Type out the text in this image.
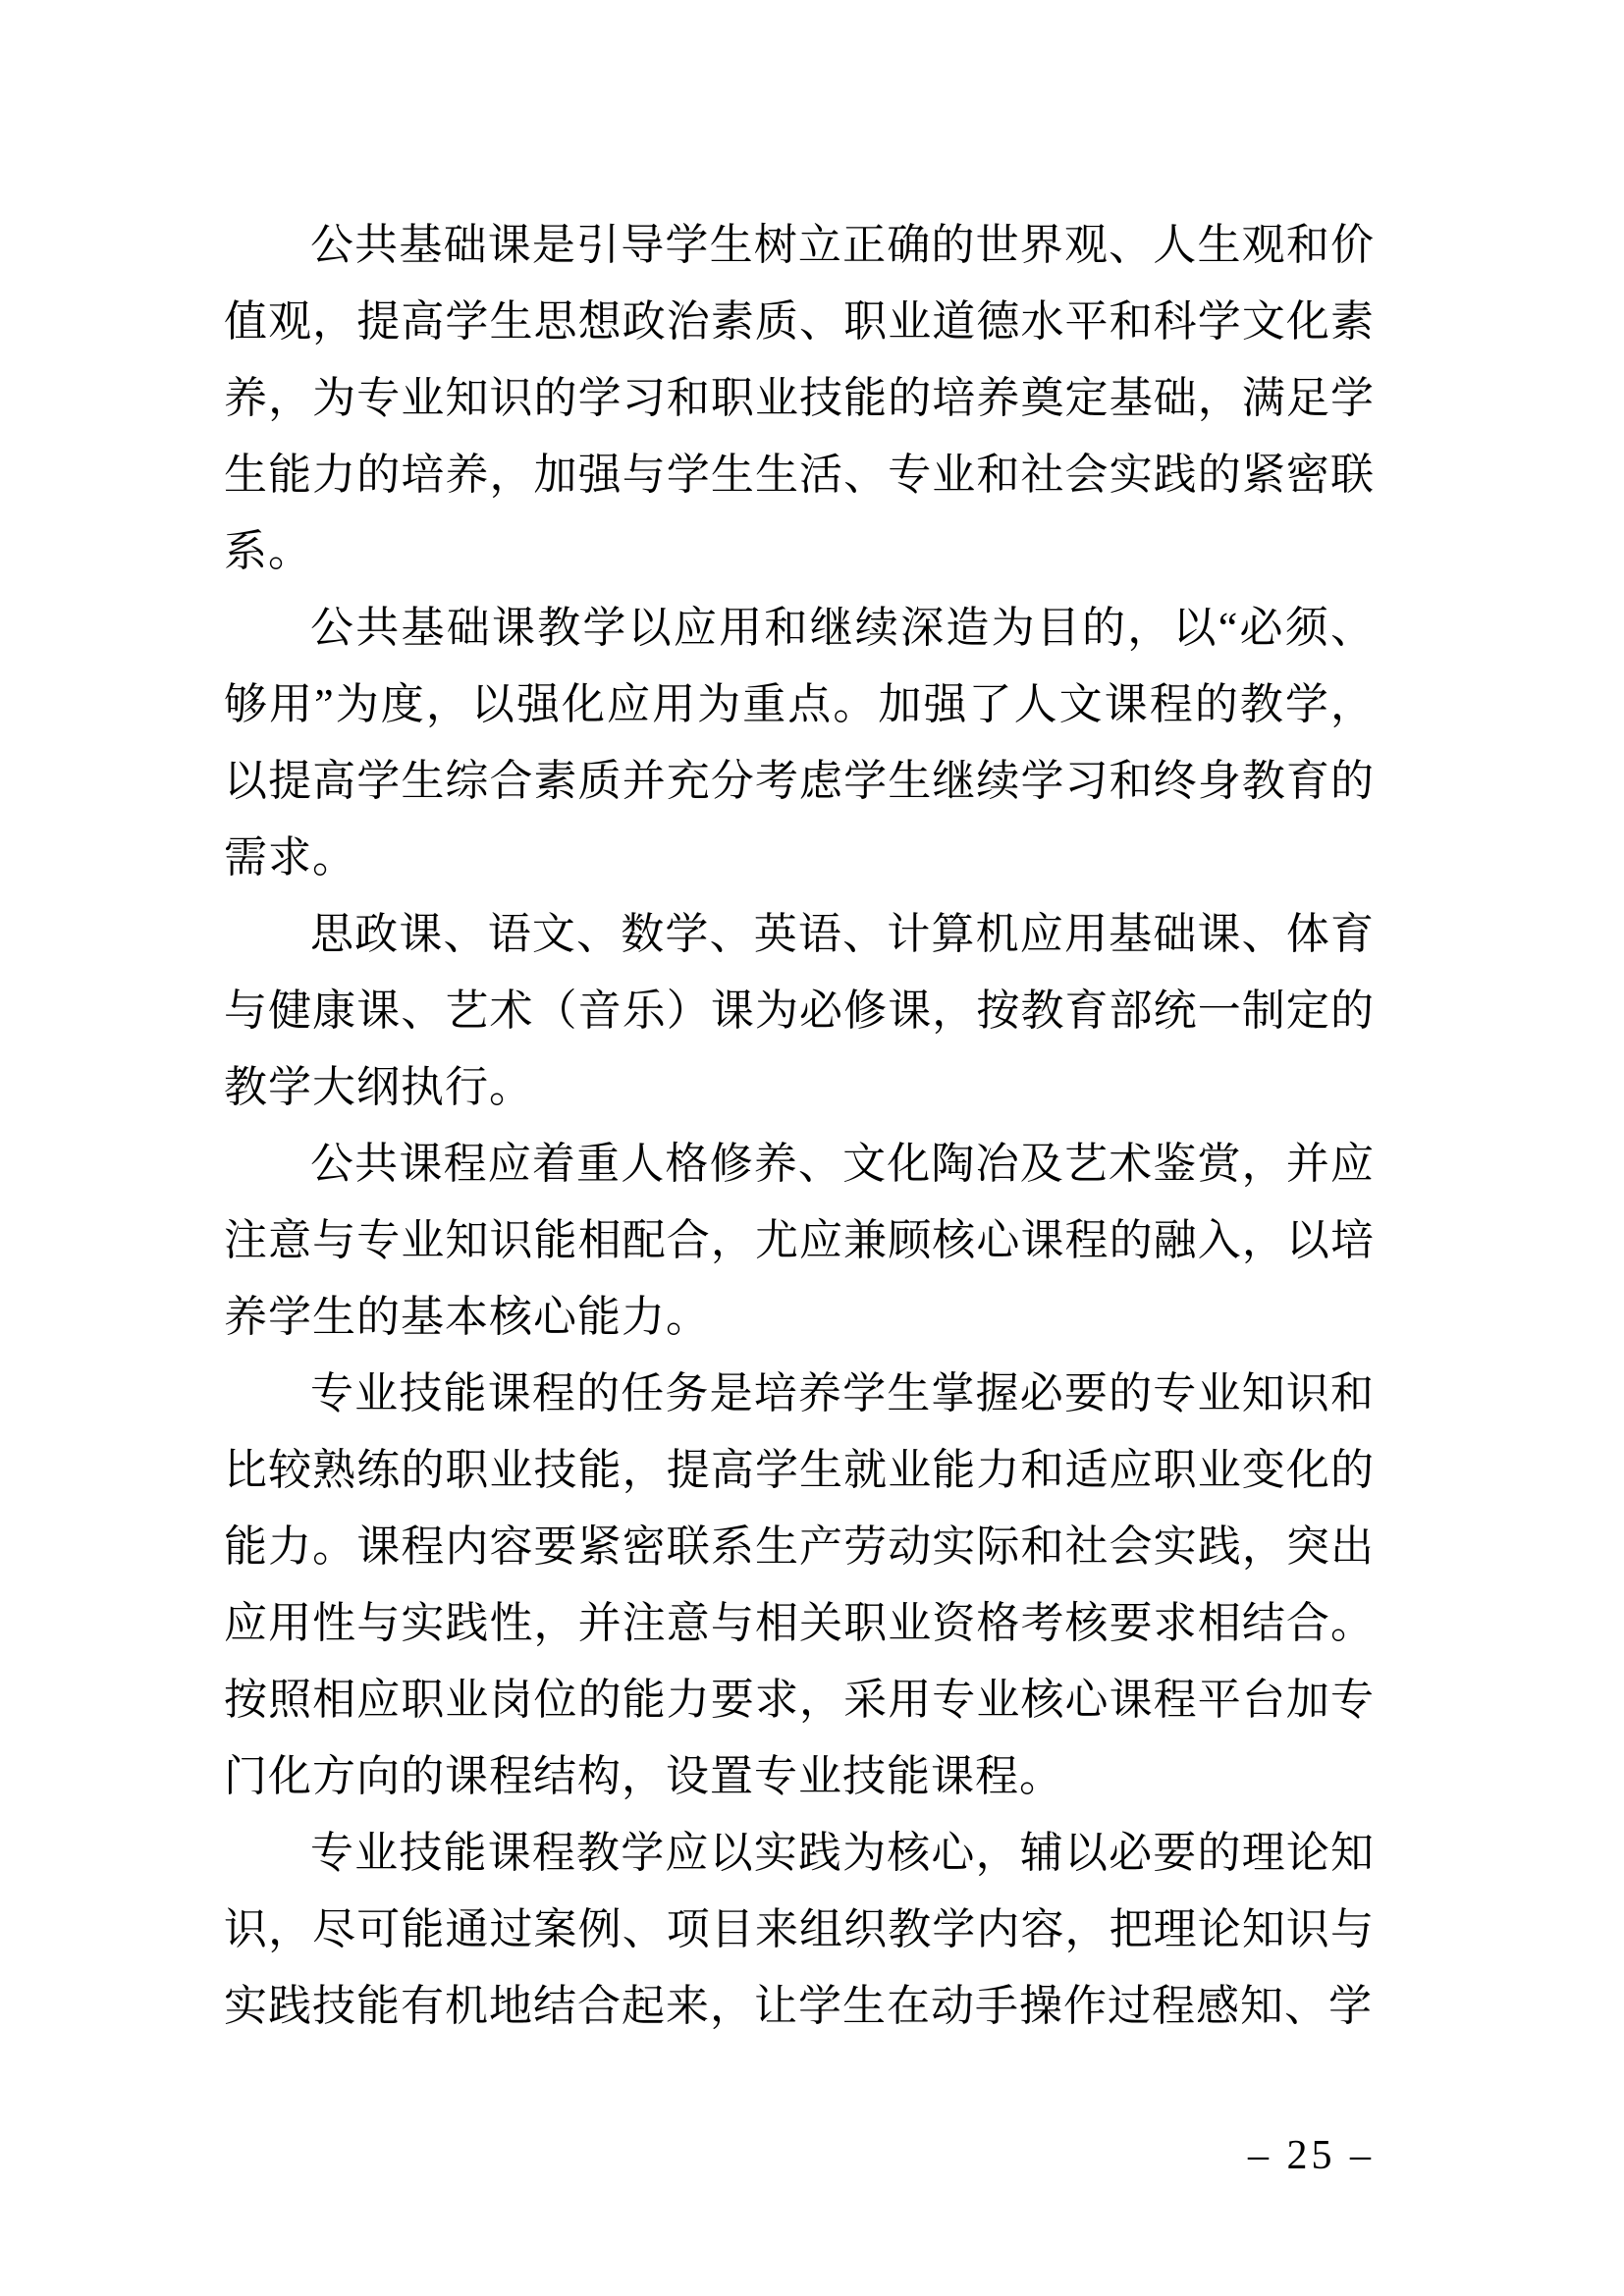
公共基础课是引导学生树立正确的世界观、人生观和价值观，提高学生思想政治素质、职业道德水平和科学文化素养，为专业知识的学习和职业技能的培养奠定基础，满足学生能力的培养，加强与学生生活、专业和社会实践的紧密联系。

公共基础课教学以应用和继续深造为目的，以“必须、够用”为度，以强化应用为重点。加强了人文课程的教学，以提高学生综合素质并充分考虑学生继续学习和终身教育的需求。

思政课、语文、数学、英语、计算机应用基础课、体育与健康课、艺术（音乐）课为必修课，按教育部统一制定的教学大纲执行。

公共课程应着重人格修养、文化陶冶及艺术鉴赏，并应注意与专业知识能相配合，尤应兼顾核心课程的融入，以培养学生的基本核心能力。

专业技能课程的任务是培养学生掌握必要的专业知识和比较熟练的职业技能，提高学生就业能力和适应职业变化的能力。课程内容要紧密联系生产劳动实际和社会实践，突出应用性与实践性，并注意与相关职业资格考核要求相结合。按照相应职业岗位的能力要求，采用专业核心课程平台加专门化方向的课程结构，设置专业技能课程。

专业技能课程教学应以实践为核心，辅以必要的理论知识，尽可能通过案例、项目来组织教学内容，把理论知识与实践技能有机地结合起来，让学生在动手操作过程感知、学

– 25 –
